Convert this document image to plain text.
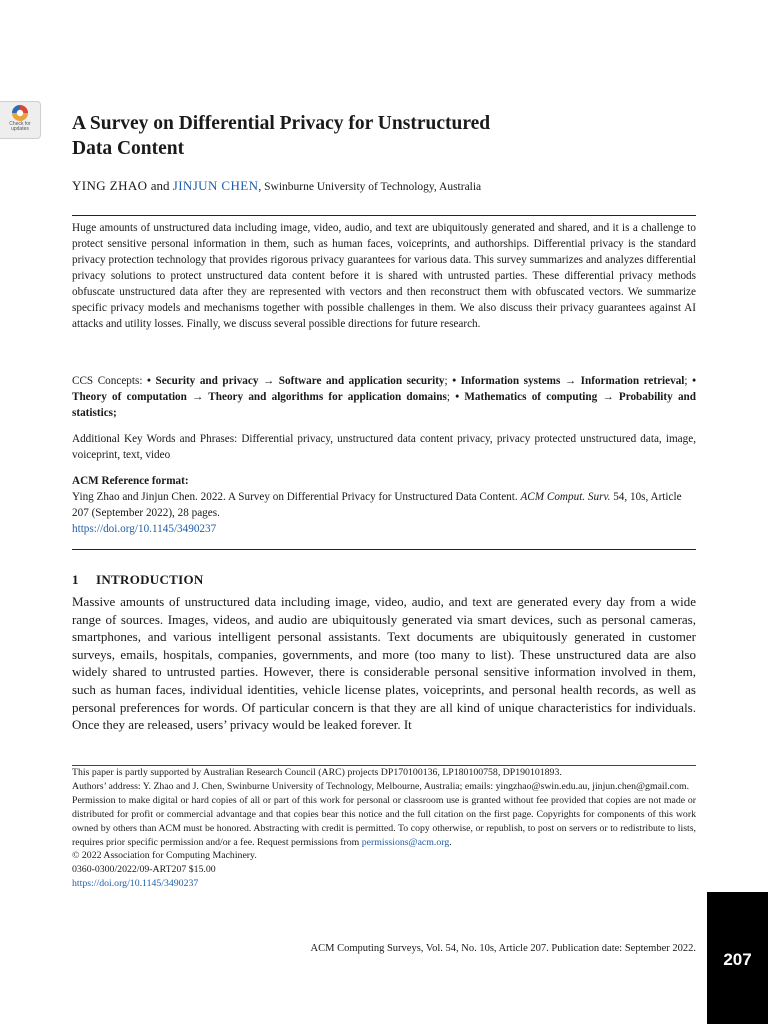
Check for
updates	A Survey on Differential Privacy for Unstructured
Data Content

YING ZHAO and JINJUN CHEN, Swinburne University of Technology, Australia

Huge amounts of unstructured data including image, video, audio, and text are ubiquitously generated and shared, and it is a challenge to protect sensitive personal information in them, such as human faces, voiceprints, and authorships. Differential privacy is the standard privacy protection technology that provides rigorous privacy guarantees for various data. This survey summarizes and analyzes differential privacy solutions to protect unstructured data content before it is shared with untrusted parties. These differential privacy methods obfuscate unstructured data after they are represented with vectors and then reconstruct them with obfuscated vectors. We summarize specific privacy models and mechanisms together with possible challenges in them. We also discuss their privacy guarantees against AI attacks and utility losses. Finally, we discuss several possible directions for future research.

CCS Concepts: • Security and privacy → Software and application security; • Information systems → Information retrieval; • Theory of computation → Theory and algorithms for application domains; • Mathematics of computing → Probability and statistics;

Additional Key Words and Phrases: Differential privacy, unstructured data content privacy, privacy protected unstructured data, image, voiceprint, text, video

ACM Reference format:
Ying Zhao and Jinjun Chen. 2022. A Survey on Differential Privacy for Unstructured Data Content. ACM Comput. Surv. 54, 10s, Article 207 (September 2022), 28 pages.
https://doi.org/10.1145/3490237

1 INTRODUCTION

Massive amounts of unstructured data including image, video, audio, and text are generated every day from a wide range of sources. Images, videos, and audio are ubiquitously generated via smart devices, such as personal cameras, smartphones, and various intelligent personal assistants. Text documents are ubiquitously generated in customer surveys, emails, hospitals, companies, governments, and more (too many to list). These unstructured data are also widely shared to untrusted parties. However, there is considerable personal sensitive information involved in them, such as human faces, individual identities, vehicle license plates, voiceprints, and personal health records, as well as personal preferences for words. Of particular concern is that they are all kind of unique characteristics for individuals. Once they are released, users’ privacy would be leaked forever. It

This paper is partly supported by Australian Research Council (ARC) projects DP170100136, LP180100758, DP190101893.
Authors’ address: Y. Zhao and J. Chen, Swinburne University of Technology, Melbourne, Australia; emails: yingzhao@swin.edu.au, jinjun.chen@gmail.com.
Permission to make digital or hard copies of all or part of this work for personal or classroom use is granted without fee provided that copies are not made or distributed for profit or commercial advantage and that copies bear this notice and the full citation on the first page. Copyrights for components of this work owned by others than ACM must be honored. Abstracting with credit is permitted. To copy otherwise, or republish, to post on servers or to redistribute to lists, requires prior specific permission and/or a fee. Request permissions from permissions@acm.org.
© 2022 Association for Computing Machinery.
0360-0300/2022/09-ART207 $15.00
https://doi.org/10.1145/3490237

ACM Computing Surveys, Vol. 54, No. 10s, Article 207. Publication date: September 2022.

207
